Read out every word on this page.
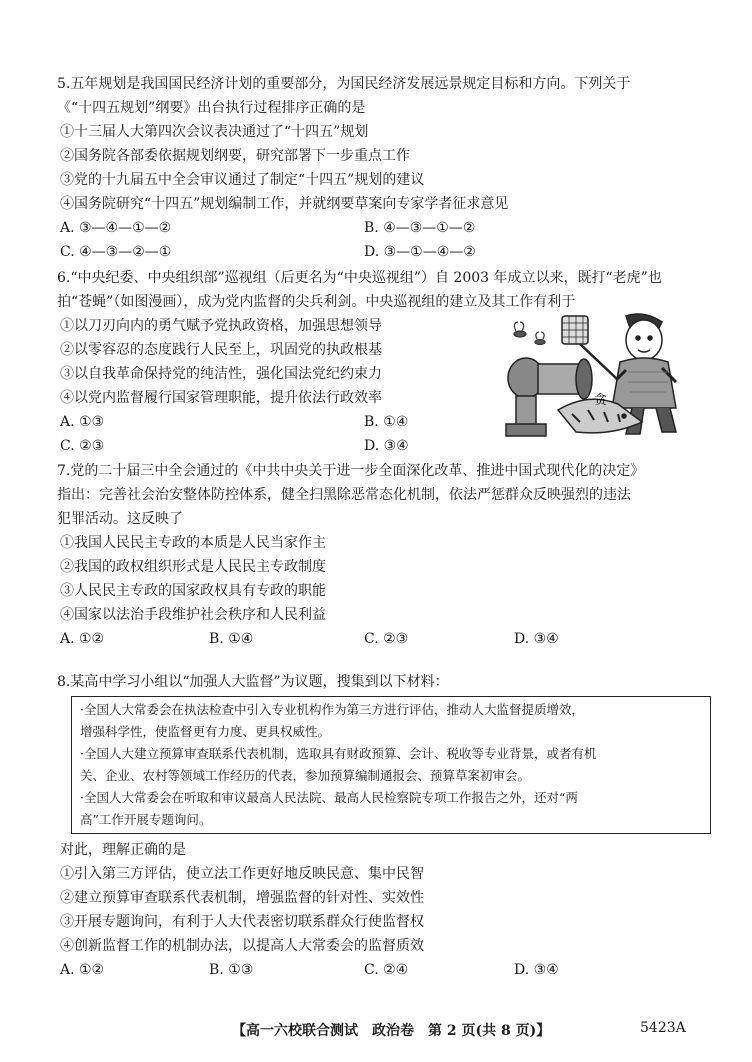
5.五年规划是我国国民经济计划的重要部分，为国民经济发展远景规定目标和方向。下列关于
《“十四五规划”纲要》出台执行过程排序正确的是
①十三届人大第四次会议表决通过了“十四五”规划
②国务院各部委依据规划纲要，研究部署下一步重点工作
③党的十九届五中全会审议通过了制定“十四五”规划的建议
④国务院研究“十四五”规划编制工作，并就纲要草案向专家学者征求意见
A. ③—④—①—②	B. ④—③—①—②
C. ④—③—②—①	D. ③—①—④—②
6.“中央纪委、中央组织部”巡视组（后更名为“中央巡视组”）自 2003 年成立以来，既打“老虎”也
拍“苍蝇”（如图漫画），成为党内监督的尖兵利剑。中央巡视组的建立及其工作有利于
①以刀刃向内的勇气赋予党执政资格，加强思想领导
②以零容忍的态度践行人民至上，巩固党的执政根基
③以自我革命保持党的纯洁性，强化国法党纪约束力
④以党内监督履行国家管理职能，提升依法行政效率
A. ①③	B. ①④
C. ②③	D. ③④
贪
7.党的二十届三中全会通过的《中共中央关于进一步全面深化改革、推进中国式现代化的决定》
指出：完善社会治安整体防控体系，健全扫黑除恶常态化机制，依法严惩群众反映强烈的违法
犯罪活动。这反映了
①我国人民民主专政的本质是人民当家作主
②我国的政权组织形式是人民民主专政制度
③人民民主专政的国家政权具有专政的职能
④国家以法治手段维护社会秩序和人民利益
A. ①②	B. ①④	C. ②③	D. ③④
8.某高中学习小组以“加强人大监督”为议题，搜集到以下材料：
·全国人大常委会在执法检查中引入专业机构作为第三方进行评估，推动人大监督提质增效，
增强科学性，使监督更有力度、更具权威性。
·全国人大建立预算审查联系代表机制，选取具有财政预算、会计、税收等专业背景，或者有机
关、企业、农村等领域工作经历的代表，参加预算编制通报会、预算草案初审会。
·全国人大常委会在听取和审议最高人民法院、最高人民检察院专项工作报告之外，还对“两
高”工作开展专题询问。
对此，理解正确的是
①引入第三方评估，使立法工作更好地反映民意、集中民智
②建立预算审查联系代表机制，增强监督的针对性、实效性
③开展专题询问，有利于人大代表密切联系群众行使监督权
④创新监督工作的机制办法，以提高人大常委会的监督质效
A. ①②	B. ①③	C. ②④	D. ③④
【高一六校联合测试　政治卷　第 2 页(共 8 页)】	5423A
